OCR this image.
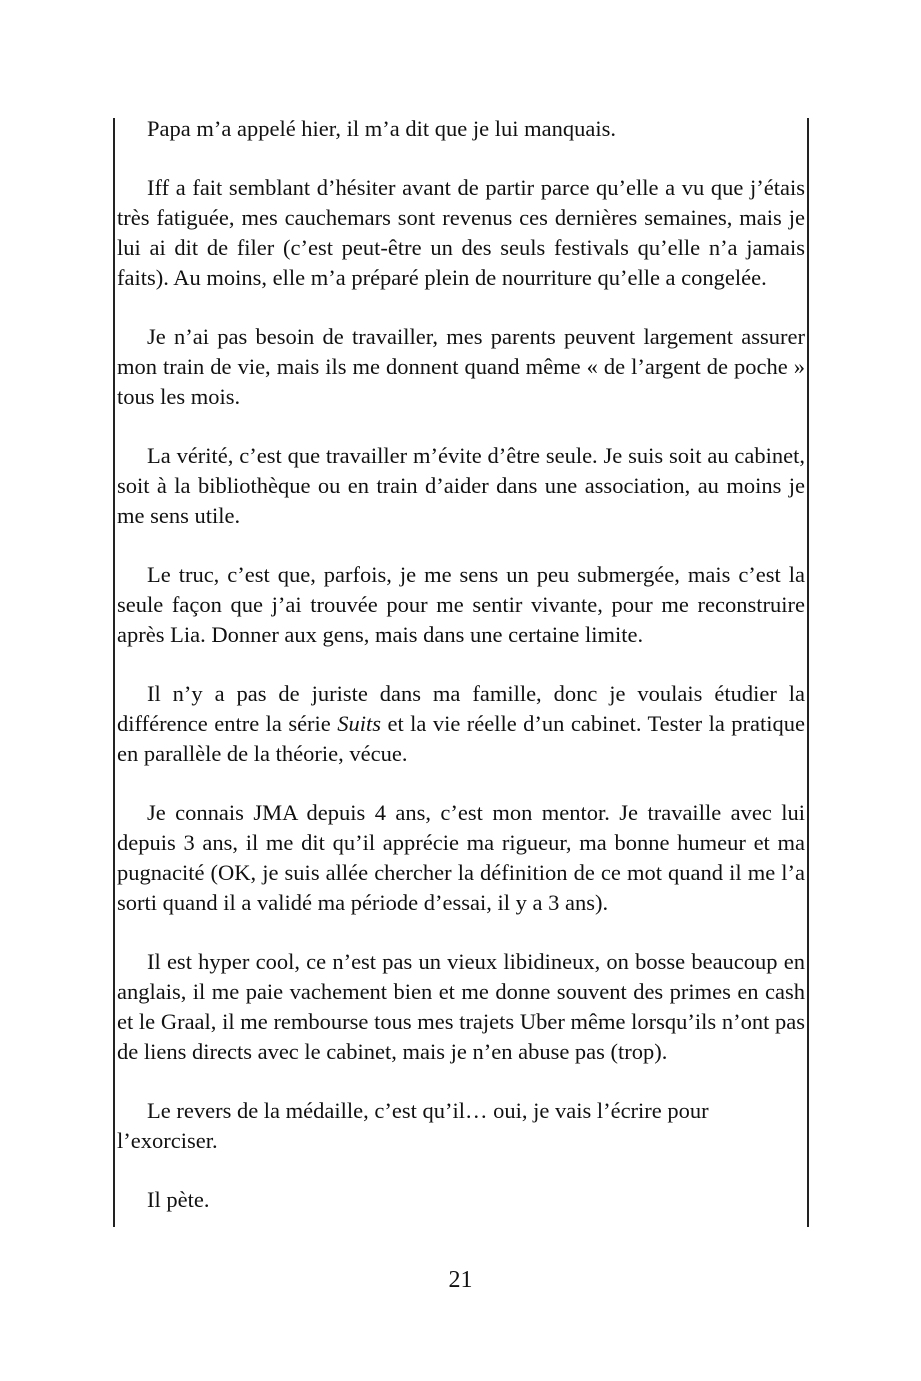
Papa m’a appelé hier, il m’a dit que je lui manquais.

Iff a fait semblant d’hésiter avant de partir parce qu’elle a vu que j’étais très fatiguée, mes cauchemars sont revenus ces dernières semaines, mais je lui ai dit de filer (c’est peut-être un des seuls festivals qu’elle n’a jamais faits). Au moins, elle m’a préparé plein de nourriture qu’elle a congelée.

Je n’ai pas besoin de travailler, mes parents peuvent largement assurer mon train de vie, mais ils me donnent quand même « de l’argent de poche » tous les mois.

La vérité, c’est que travailler m’évite d’être seule. Je suis soit au cabinet, soit à la bibliothèque ou en train d’aider dans une association, au moins je me sens utile.

Le truc, c’est que, parfois, je me sens un peu submergée, mais c’est la seule façon que j’ai trouvée pour me sentir vivante, pour me reconstruire après Lia. Donner aux gens, mais dans une certaine limite.

Il n’y a pas de juriste dans ma famille, donc je voulais étudier la différence entre la série Suits et la vie réelle d’un cabinet. Tester la pratique en parallèle de la théorie, vécue.

Je connais JMA depuis 4 ans, c’est mon mentor. Je travaille avec lui depuis 3 ans, il me dit qu’il apprécie ma rigueur, ma bonne humeur et ma pugnacité (OK, je suis allée chercher la définition de ce mot quand il me l’a sorti quand il a validé ma période d’essai, il y a 3 ans).

Il est hyper cool, ce n’est pas un vieux libidineux, on bosse beaucoup en anglais, il me paie vachement bien et me donne souvent des primes en cash et le Graal, il me rembourse tous mes trajets Uber même lorsqu’ils n’ont pas de liens directs avec le cabinet, mais je n’en abuse pas (trop).

Le revers de la médaille, c’est qu’il… oui, je vais l’écrire pour l’exorciser.

Il pète.

21
